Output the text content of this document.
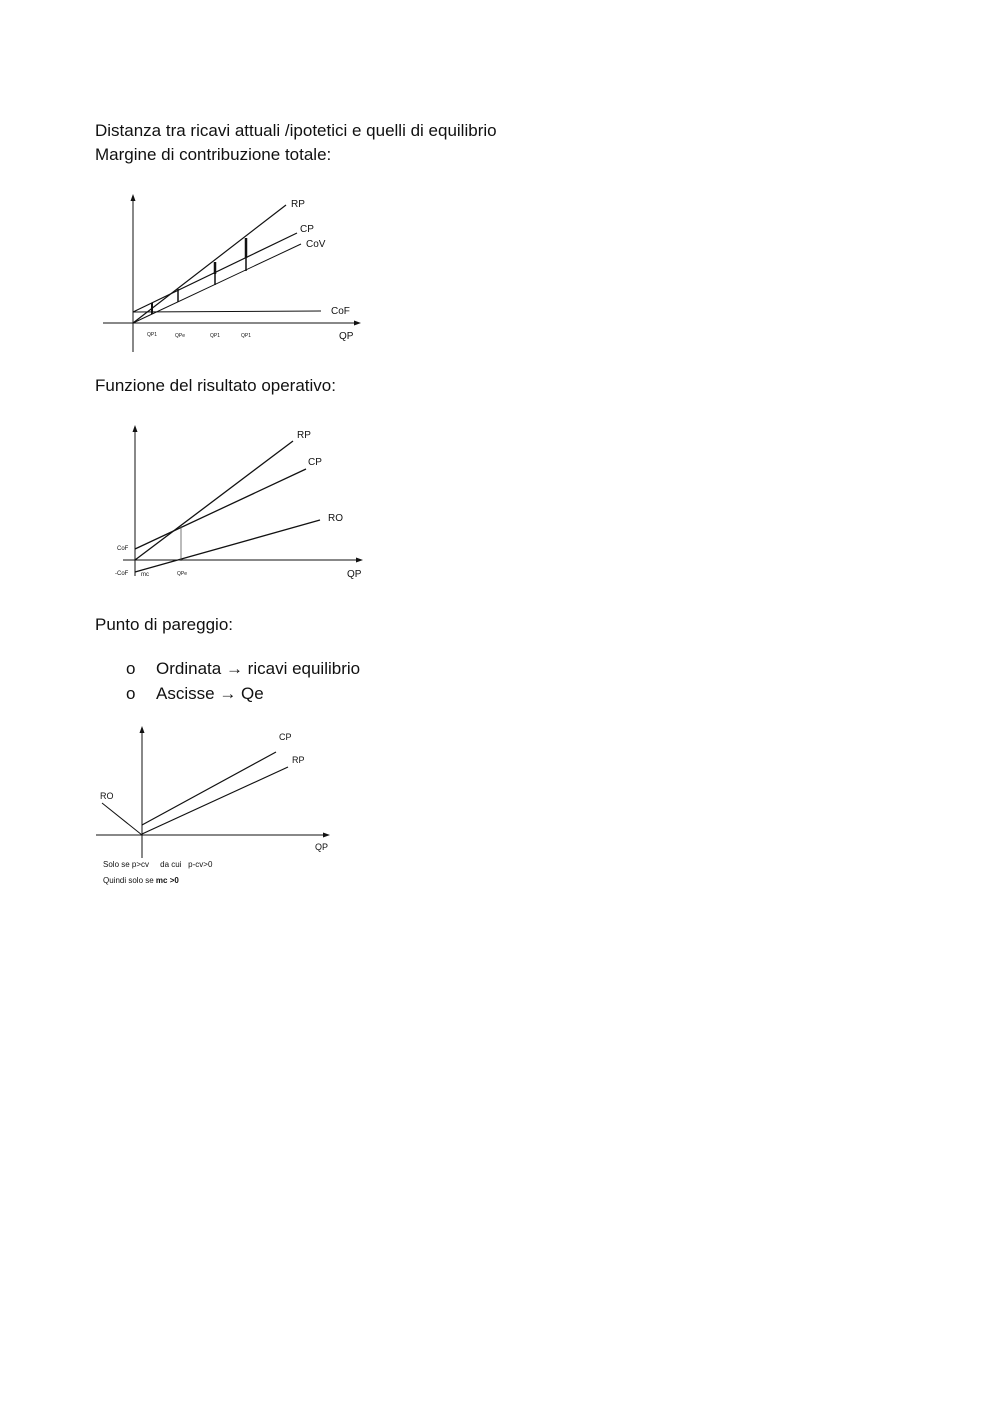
Distanza tra ricavi attuali /ipotetici e quelli di equilibrio
Margine di contribuzione totale:
RP
CP
CoV
CoF
QP
QP1	QPe	QP1	QP1
Funzione del risultato operativo:
RP
CP
RO
QP
CoF
-CoF mc	QPe
Punto di pareggio:
o Ordinata → ricavi equilibrio
o Ascisse → Qe
CP
RP
RO
QP
Solo se p>cv     da cui   p-cv>0
Quindi solo se mc >0
